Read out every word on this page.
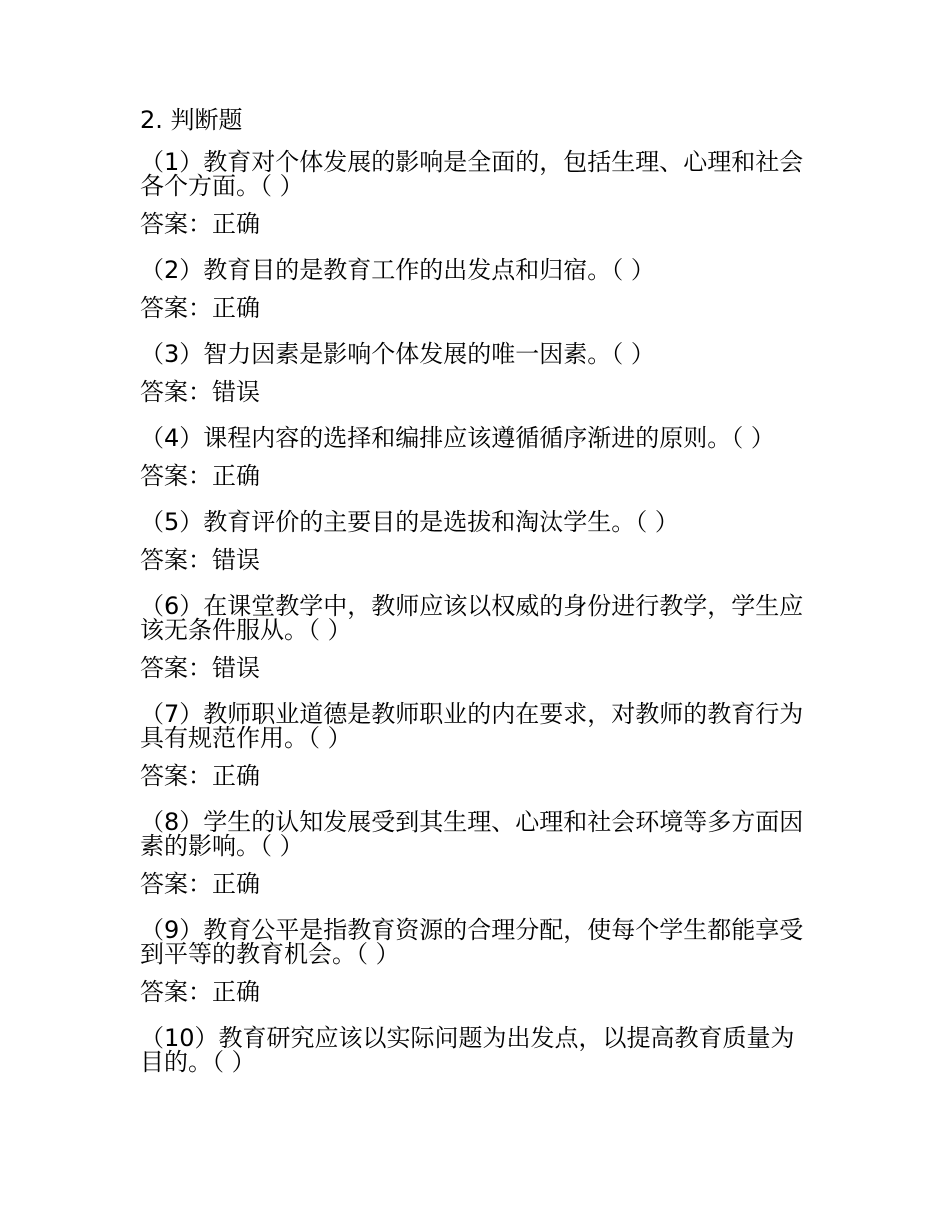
2. 判断题
（1）教育对个体发展的影响是全面的，包括生理、心理和社会各个方面。（ ）
答案：正确
（2）教育目的是教育工作的出发点和归宿。（ ）
答案：正确
（3）智力因素是影响个体发展的唯一因素。（ ）
答案：错误
（4）课程内容的选择和编排应该遵循循序渐进的原则。（ ）
答案：正确
（5）教育评价的主要目的是选拔和淘汰学生。（ ）
答案：错误
（6）在课堂教学中，教师应该以权威的身份进行教学，学生应该无条件服从。（ ）
答案：错误
（7）教师职业道德是教师职业的内在要求，对教师的教育行为具有规范作用。（ ）
答案：正确
（8）学生的认知发展受到其生理、心理和社会环境等多方面因素的影响。（ ）
答案：正确
（9）教育公平是指教育资源的合理分配，使每个学生都能享受到平等的教育机会。（ ）
答案：正确
（10）教育研究应该以实际问题为出发点，以提高教育质量为目的。（ ）
